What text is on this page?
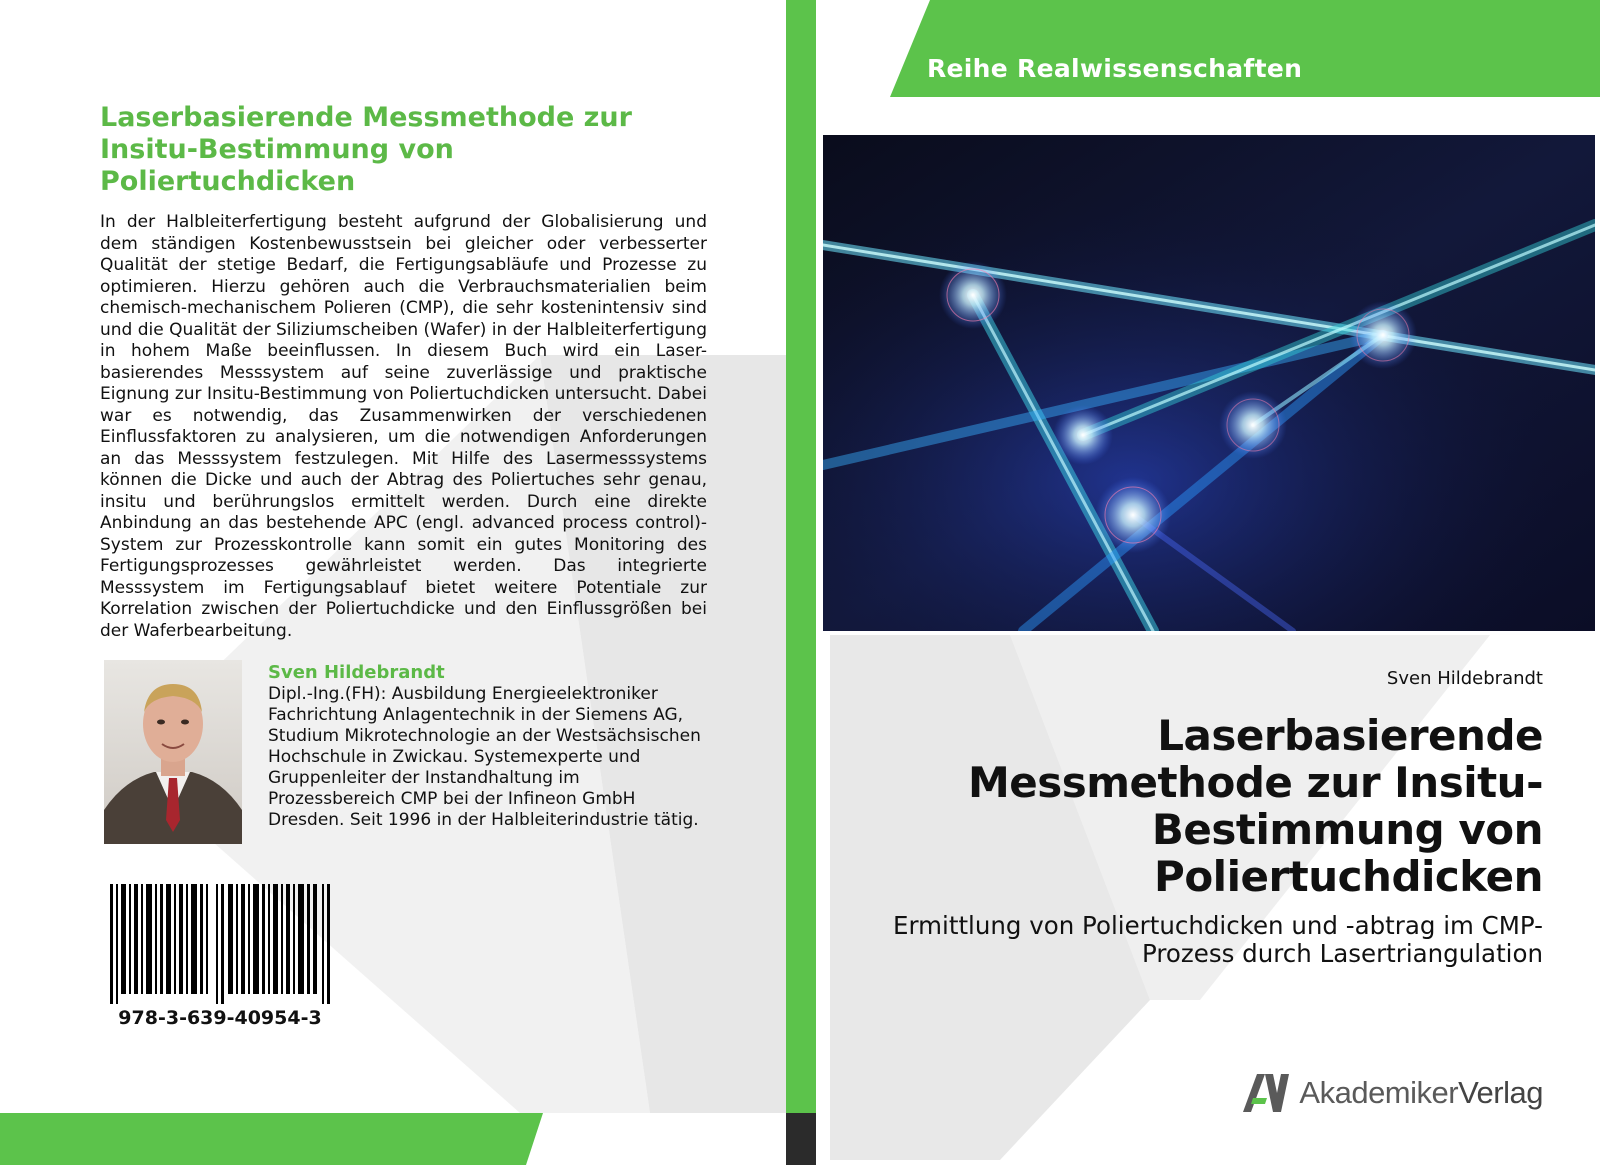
Laserbasierende Messmethode zur Insitu-Bestimmung von Poliertuchdicken
In der Halbleiterfertigung besteht aufgrund der Globalisierung und dem ständigen Kostenbewusstsein bei gleicher oder verbesserter Qualität der stetige Bedarf, die Fertigungsabläufe und Prozesse zu optimieren. Hierzu gehören auch die Verbrauchsmaterialien beim chemisch-mechanischem Polieren (CMP), die sehr kostenintensiv sind und die Qualität der Siliziumscheiben (Wafer) in der Halbleiterfertigung in hohem Maße beeinflussen. In diesem Buch wird ein Laser-basierendes Messsystem auf seine zuverlässige und praktische Eignung zur Insitu-Bestimmung von Poliertuchdicken untersucht. Dabei war es notwendig, das Zusammenwirken der verschiedenen Einflussfaktoren zu analysieren, um die notwendigen Anforderungen an das Messsystem festzulegen. Mit Hilfe des Lasermesssystems können die Dicke und auch der Abtrag des Poliertuches sehr genau, insitu und berührungslos ermittelt werden. Durch eine direkte Anbindung an das bestehende APC (engl. advanced process control)-System zur Prozesskontrolle kann somit ein gutes Monitoring des Fertigungsprozesses gewährleistet werden. Das integrierte Messsystem im Fertigungsablauf bietet weitere Potentiale zur Korrelation zwischen der Poliertuchdicke und den Einflussgrößen bei der Waferbearbeitung.
Sven Hildebrandt
Dipl.-Ing.(FH): Ausbildung Energieelektroniker Fachrichtung Anlagentechnik in der Siemens AG, Studium Mikrotechnologie an der Westsächsischen Hochschule in Zwickau. Systemexperte und Gruppenleiter der Instandhaltung im Prozessbereich CMP bei der Infineon GmbH Dresden. Seit 1996 in der Halbleiterindustrie tätig.
978-3-639-40954-3
Reihe Realwissenschaften
Sven Hildebrandt
Laserbasierende Messmethode zur Insitu-Bestimmung von Poliertuchdicken
Ermittlung von Poliertuchdicken und -abtrag im CMP-Prozess durch Lasertriangulation
AkademikerVerlag
